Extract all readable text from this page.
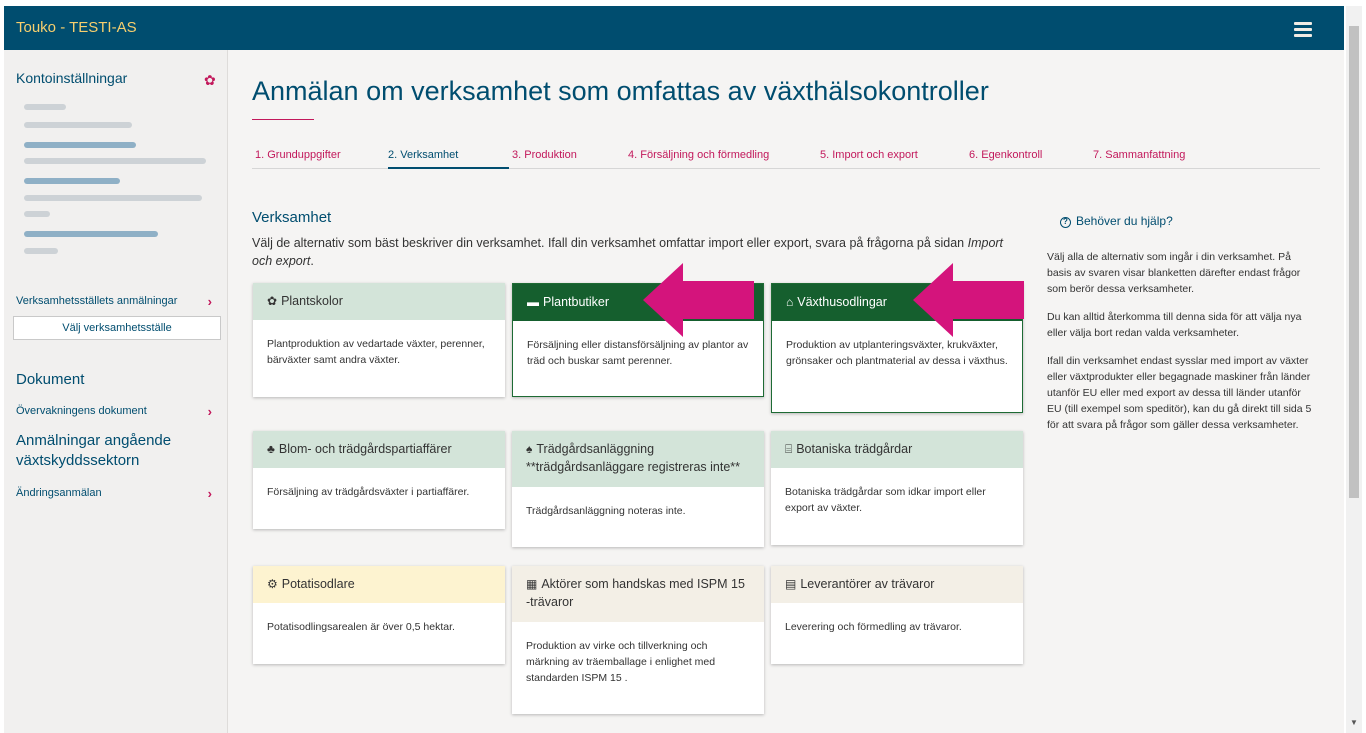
Touko - TESTI-AS
Kontoinställningar	✿
Verksamhetsställets anmälningar ›
Välj verksamhetsställe
Dokument
Övervakningens dokument	›
Anmälningar angående växtskyddssektorn
Ändringsanmälan	›
Anmälan om verksamhet som omfattas av växthälsokontroller
1. Grunduppgifter	2. Verksamhet	3. Produktion	4. Försäljning och förmedling	5. Import och export	6. Egenkontroll	7. Sammanfattning
Verksamhet
Välj de alternativ som bäst beskriver din verksamhet. Ifall din verksamhet omfattar import eller export, svara på frågorna på sidan Import och export.
✿ Plantskolor
Plantproduktion av vedartade växter, perenner, bärväxter samt andra växter.
▬ Plantbutiker
Försäljning eller distansförsäljning av plantor av träd och buskar samt perenner.
⌂ Växthusodlingar
Produktion av utplanteringsväxter, krukväxter, grönsaker och plantmaterial av dessa i växthus.
♣ Blom- och trädgårdspartiaffärer
Försäljning av trädgårdsväxter i partiaffärer.
♠ Trädgårdsanläggning **trädgårdsanläggare registreras inte**
Trädgårdsanläggning noteras inte.
⌸ Botaniska trädgårdar
Botaniska trädgårdar som idkar import eller export av växter.
⚙ Potatisodlare
Potatisodlingsarealen är över 0,5 hektar.
▦ Aktörer som handskas med ISPM 15 -trävaror
Produktion av virke och tillverkning och märkning av träemballage i enlighet med standarden ISPM 15 .
▤ Leverantörer av trävaror
Leverering och förmedling av trävaror.
? Behöver du hjälp?
Välj alla de alternativ som ingår i din verksamhet. På basis av svaren visar blanketten därefter endast frågor som berör dessa verksamheter.
Du kan alltid återkomma till denna sida för att välja nya eller välja bort redan valda verksamheter.
Ifall din verksamhet endast sysslar med import av växter eller växtprodukter eller begagnade maskiner från länder utanför EU eller med export av dessa till länder utanför EU (till exempel som speditör), kan du gå direkt till sida 5 för att svara på frågor som gäller dessa verksamheter.
▼
